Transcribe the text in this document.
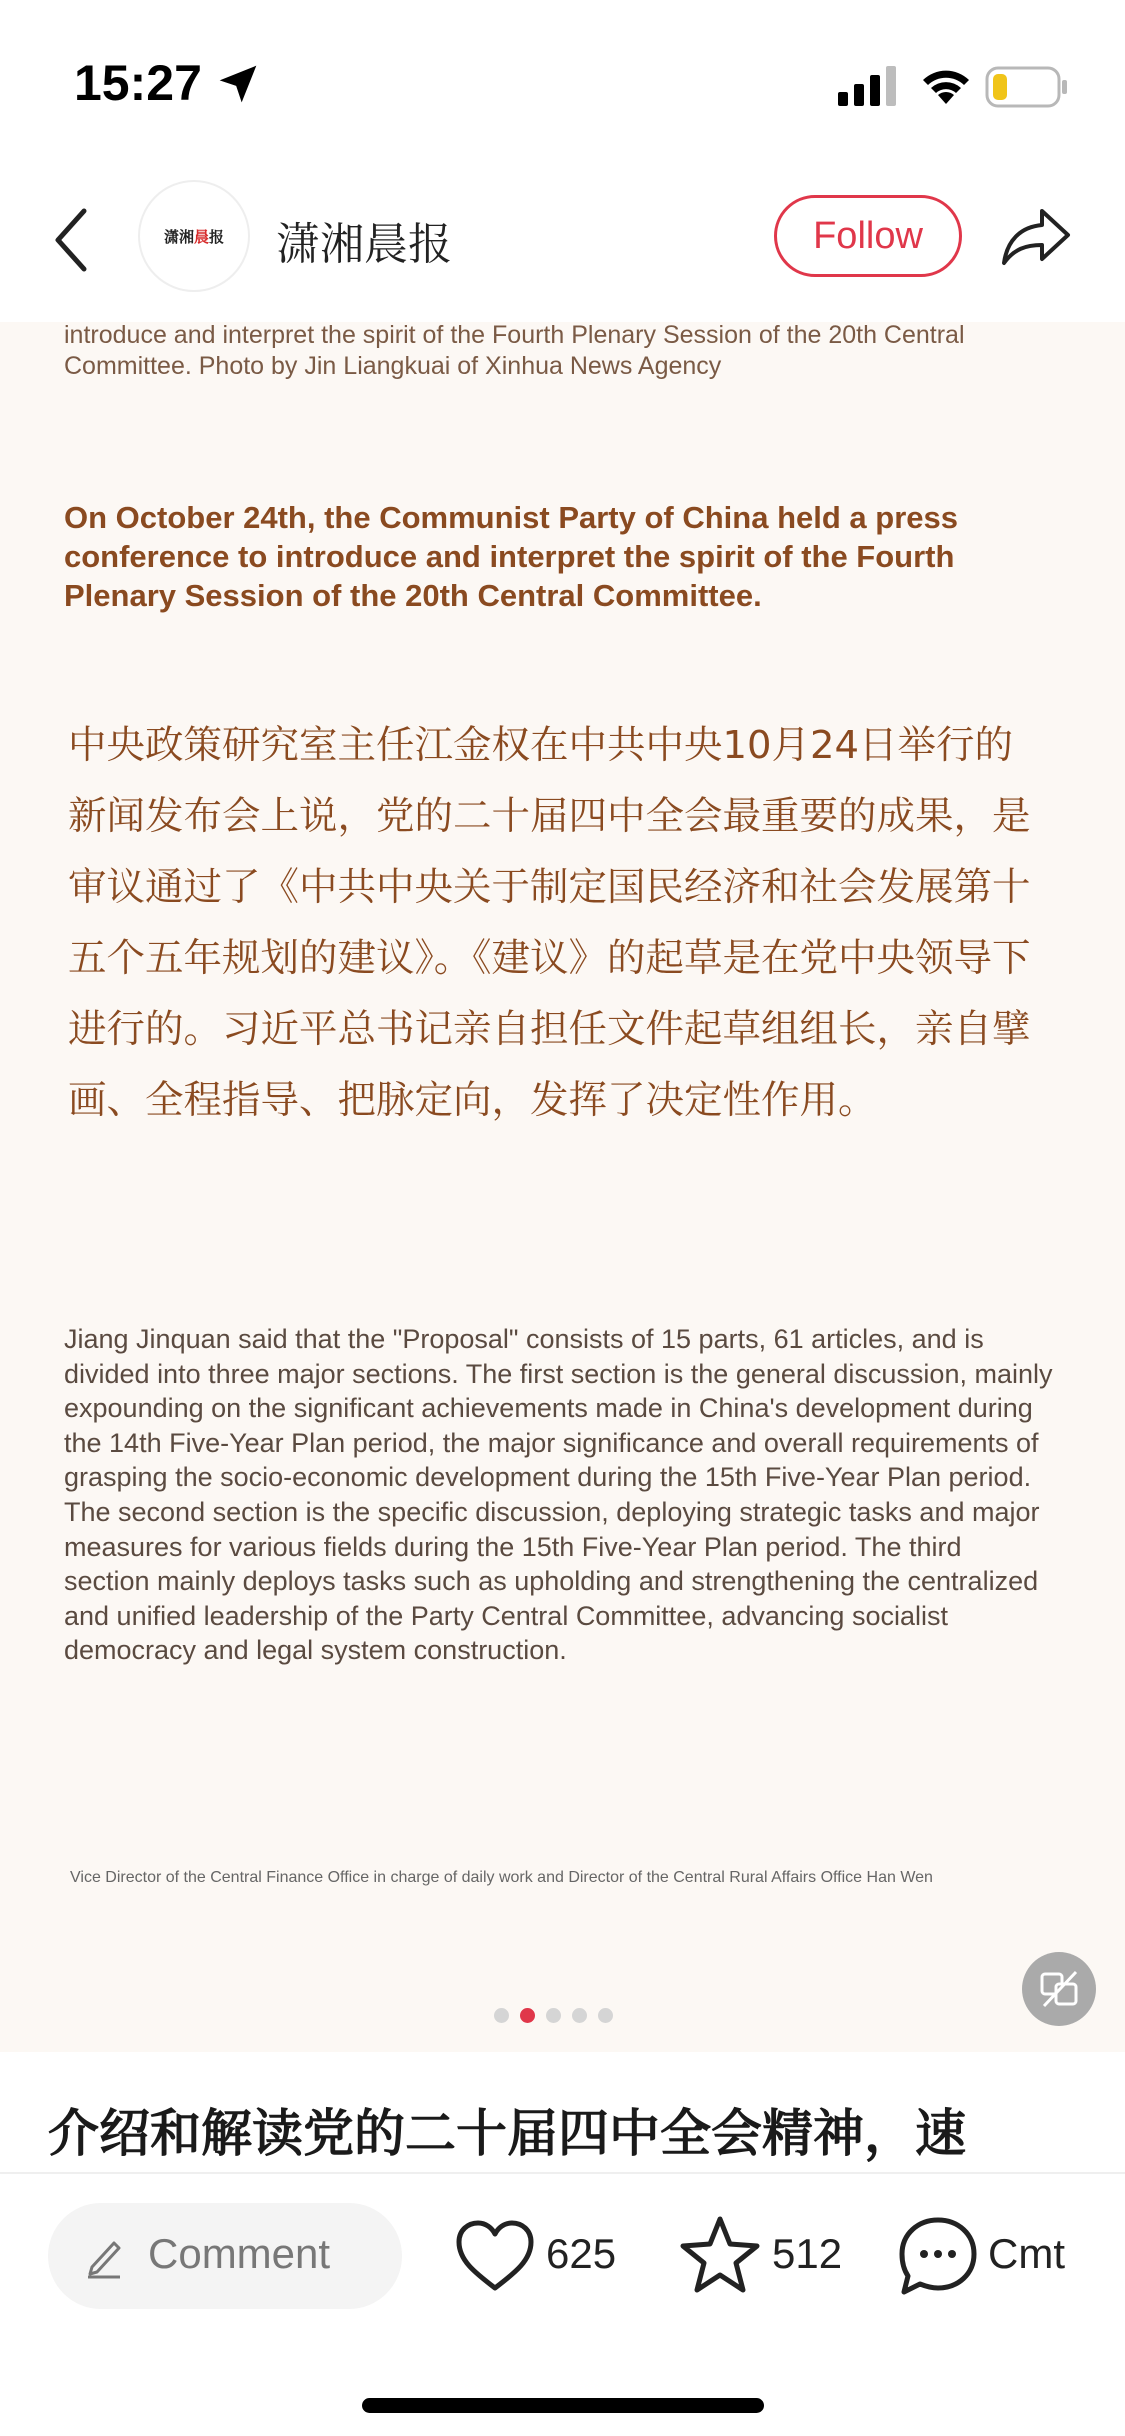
15:27
潇湘 晨 报 潇湘晨报	Follow
introduce and interpret the spirit of the Fourth Plenary Session of the 20th Central Committee. Photo by Jin Liangkuai of Xinhua News Agency
On October 24th, the Communist Party of China held a press conference to introduce and interpret the spirit of the Fourth Plenary Session of the 20th Central Committee.
中央政策研究室主任江金权在中共中央10月24日举行的新闻发布会上说，党的二十届四中全会最重要的成果，是审议通过了《中共中央关于制定国民经济和社会发展第十五个五年规划的建议》。《建议》的起草是在党中央领导下进行的。习近平总书记亲自担任文件起草组组长，亲自擘画、全程指导、把脉定向，发挥了决定性作用。
Jiang Jinquan said that the "Proposal" consists of 15 parts, 61 articles, and is divided into three major sections. The first section is the general discussion, mainly expounding on the significant achievements made in China's development during the 14th Five-Year Plan period, the major significance and overall requirements of grasping the socio-economic development during the 15th Five-Year Plan period. The second section is the specific discussion, deploying strategic tasks and major measures for various fields during the 15th Five-Year Plan period. The third section mainly deploys tasks such as upholding and strengthening the centralized and unified leadership of the Party Central Committee, advancing socialist democracy and legal system construction.
Vice Director of the Central Finance Office in charge of daily work and Director of the Central Rural Affairs Office Han Wen
介绍和解读党的二十届四中全会精神，速
Comment	625	512	Cmt
